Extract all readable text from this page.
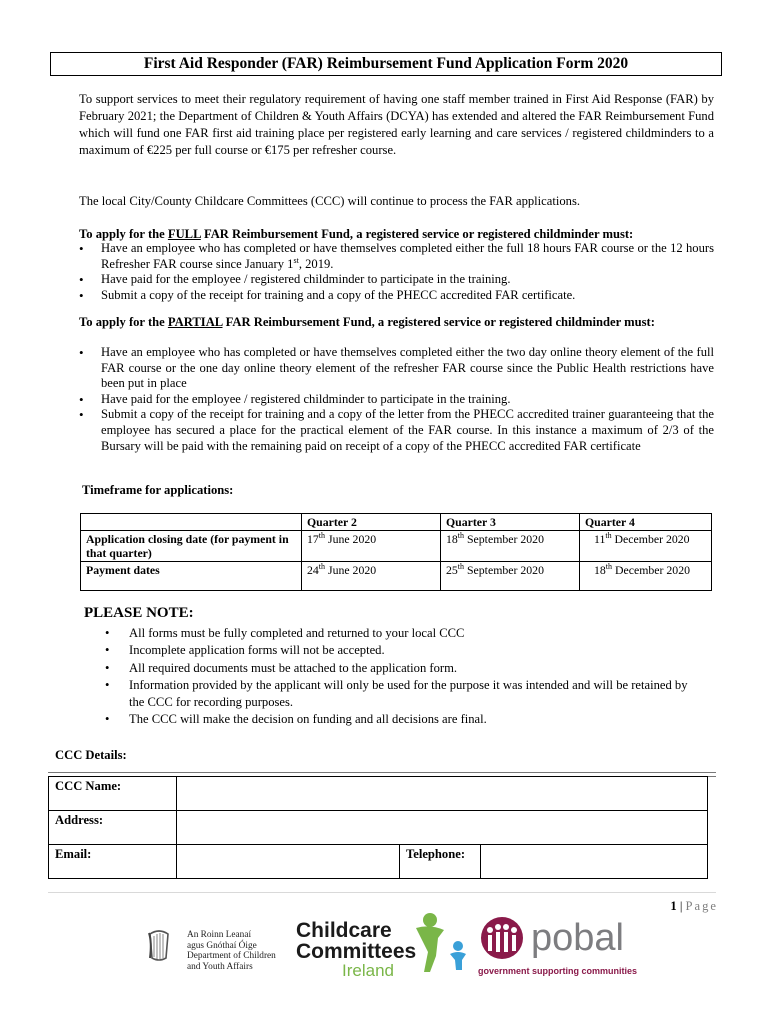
First Aid Responder (FAR) Reimbursement Fund Application Form 2020
To support services to meet their regulatory requirement of having one staff member trained in First Aid Response (FAR) by February 2021; the Department of Children & Youth Affairs (DCYA) has extended and altered the FAR Reimbursement Fund which will fund one FAR first aid training place per registered early learning and care services / registered childminders to a maximum of €225 per full course or €175 per refresher course.
The local City/County Childcare Committees (CCC) will continue to process the FAR applications.
To apply for the FULL FAR Reimbursement Fund, a registered service or registered childminder must:
• Have an employee who has completed or have themselves completed either the full 18 hours FAR course or the 12 hours Refresher FAR course since January 1st, 2019.
• Have paid for the employee / registered childminder to participate in the training.
• Submit a copy of the receipt for training and a copy of the PHECC accredited FAR certificate.
To apply for the PARTIAL FAR Reimbursement Fund, a registered service or registered childminder must:
• Have an employee who has completed or have themselves completed either the two day online theory element of the full FAR course or the one day online theory element of the refresher FAR course since the Public Health restrictions have been put in place
• Have paid for the employee / registered childminder to participate in the training.
• Submit a copy of the receipt for training and a copy of the letter from the PHECC accredited trainer guaranteeing that the employee has secured a place for the practical element of the FAR course. In this instance a maximum of 2/3 of the Bursary will be paid with the remaining paid on receipt of a copy of the PHECC accredited FAR certificate
Timeframe for applications:
	Quarter 2	Quarter 3	Quarter 4
Application closing date (for payment in that quarter)	17th June 2020	18th September 2020	11th December 2020
Payment dates	24th June 2020	25th September 2020	18th December 2020
PLEASE NOTE:
• All forms must be fully completed and returned to your local CCC
• Incomplete application forms will not be accepted.
• All required documents must be attached to the application form.
• Information provided by the applicant will only be used for the purpose it was intended and will be retained by the CCC for recording purposes.
• The CCC will make the decision on funding and all decisions are final.
CCC Details:
CCC Name:			
Address:			
Email:		Telephone:	
1 | Page
An Roinn Leanaí
agus Gnóthaí Óige
Department of Children
and Youth Affairs
Childcare
Committees
Ireland
pobal
government supporting communities
